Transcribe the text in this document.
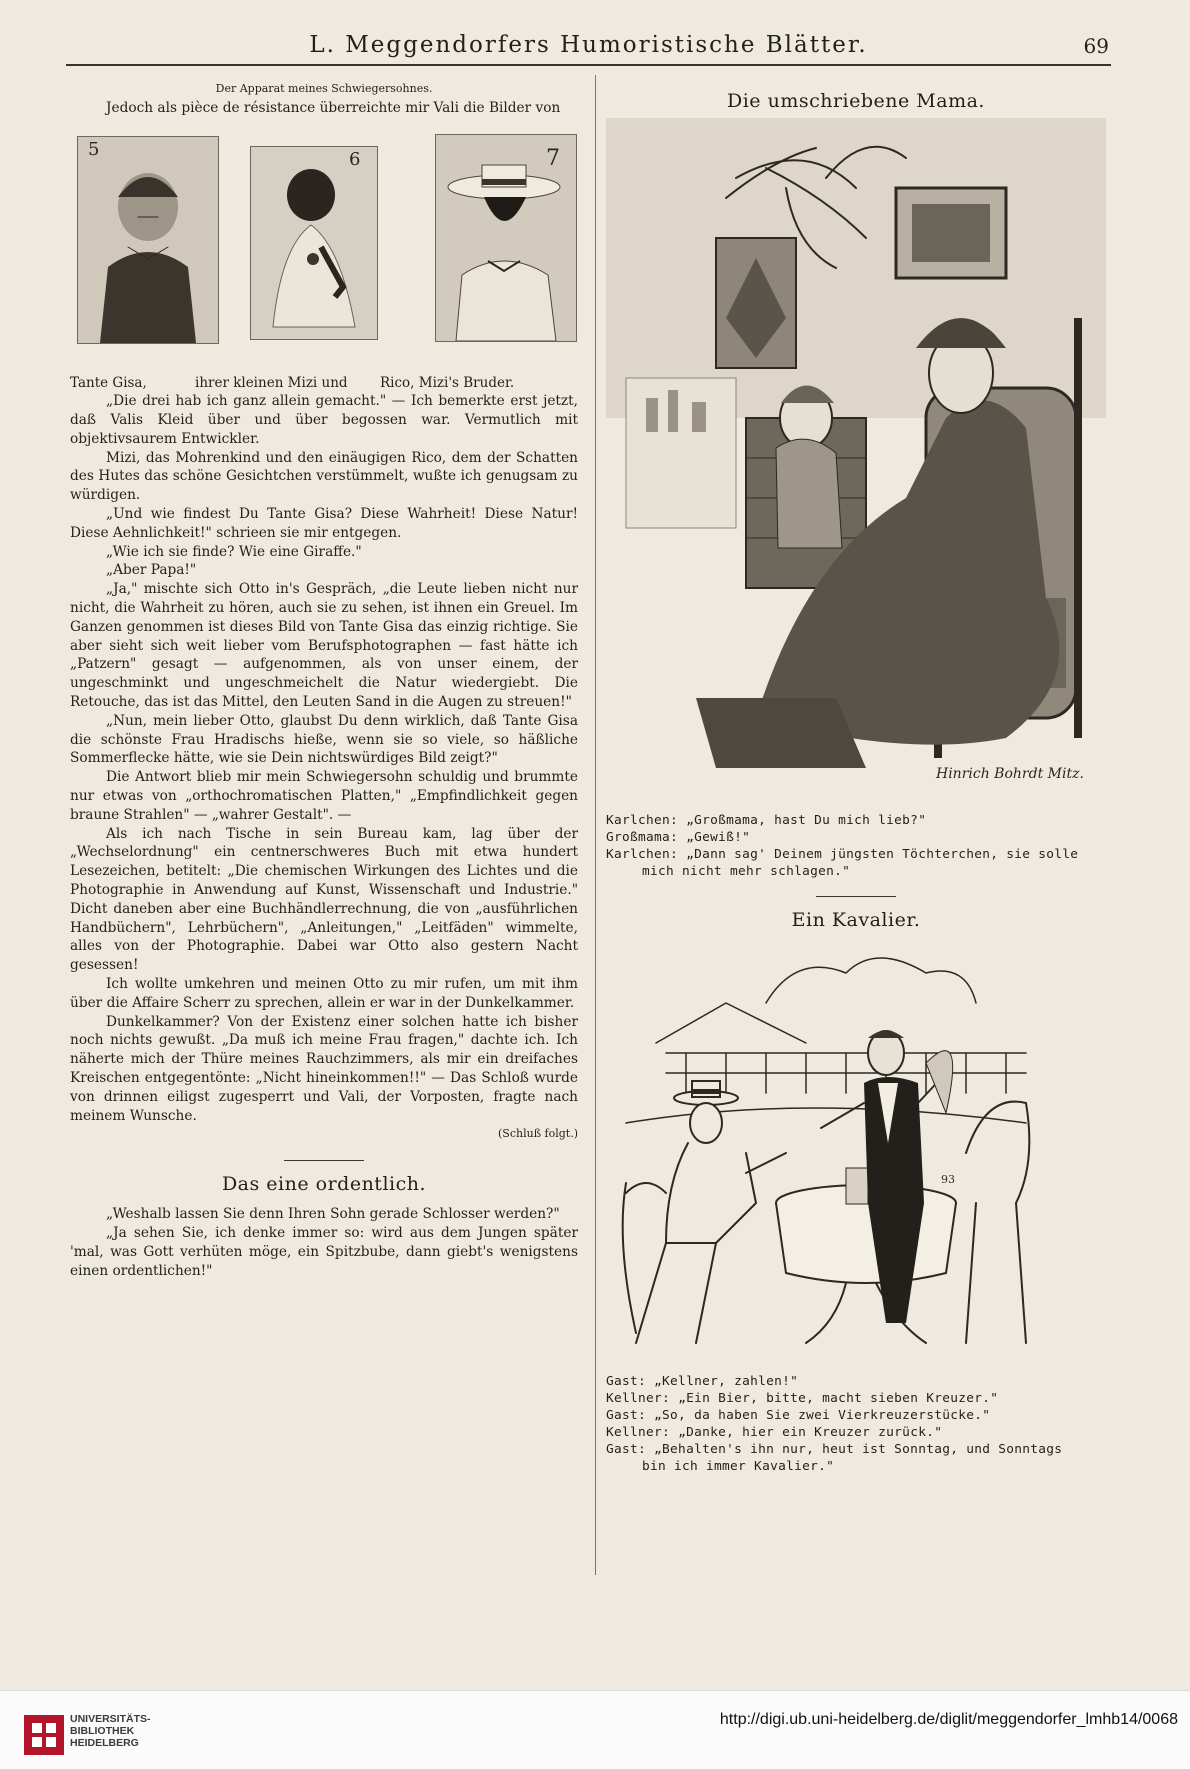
L. Meggendorfers Humoristische Blätter.	69
Der Apparat meines Schwiegersohnes.

Jedoch als pièce de résistance überreichte mir Vali die Bilder von

5	6	7

Tante Gisa,	ihrer kleinen Mizi und Rico, Mizi's Bruder.

„Die drei hab ich ganz allein gemacht." — Ich bemerkte erst jetzt, daß Valis Kleid über und über begossen war. Vermutlich mit objektivsaurem Entwickler.

Mizi, das Mohrenkind und den einäugigen Rico, dem der Schatten des Hutes das schöne Gesichtchen verstümmelt, wußte ich genugsam zu würdigen.

„Und wie findest Du Tante Gisa? Diese Wahrheit! Diese Natur! Diese Aehnlichkeit!" schrieen sie mir entgegen.

„Wie ich sie finde? Wie eine Giraffe."

„Aber Papa!"

„Ja," mischte sich Otto in's Gespräch, „die Leute lieben nicht nur nicht, die Wahrheit zu hören, auch sie zu sehen, ist ihnen ein Greuel. Im Ganzen genommen ist dieses Bild von Tante Gisa das einzig richtige. Sie aber sieht sich weit lieber vom Berufsphotographen — fast hätte ich „Patzern" gesagt — aufgenommen, als von unser einem, der ungeschminkt und ungeschmeichelt die Natur wiedergiebt. Die Retouche, das ist das Mittel, den Leuten Sand in die Augen zu streuen!"

„Nun, mein lieber Otto, glaubst Du denn wirklich, daß Tante Gisa die schönste Frau Hradischs hieße, wenn sie so viele, so häßliche Sommerflecke hätte, wie sie Dein nichtswürdiges Bild zeigt?"

Die Antwort blieb mir mein Schwiegersohn schuldig und brummte nur etwas von „orthochromatischen Platten," „Empfindlichkeit gegen braune Strahlen" — „wahrer Gestalt". —

Als ich nach Tische in sein Bureau kam, lag über der „Wechselordnung" ein centnerschweres Buch mit etwa hundert Lesezeichen, betitelt: „Die chemischen Wirkungen des Lichtes und die Photographie in Anwendung auf Kunst, Wissenschaft und Industrie." Dicht daneben aber eine Buchhändlerrechnung, die von „ausführlichen Handbüchern", Lehrbüchern", „Anleitungen," „Leitfäden" wimmelte, alles von der Photographie. Dabei war Otto also gestern Nacht gesessen!

Ich wollte umkehren und meinen Otto zu mir rufen, um mit ihm über die Affaire Scherr zu sprechen, allein er war in der Dunkelkammer.

Dunkelkammer? Von der Existenz einer solchen hatte ich bisher noch nichts gewußt. „Da muß ich meine Frau fragen," dachte ich. Ich näherte mich der Thüre meines Rauchzimmers, als mir ein dreifaches Kreischen entgegentönte: „Nicht hineinkommen!!" — Das Schloß wurde von drinnen eiligst zugesperrt und Vali, der Vorposten, fragte nach meinem Wunsche.

(Schluß folgt.)

Das eine ordentlich.

„Weshalb lassen Sie denn Ihren Sohn gerade Schlosser werden?"

„Ja sehen Sie, ich denke immer so: wird aus dem Jungen später 'mal, was Gott verhüten möge, ein Spitzbube, dann giebt's wenigstens einen ordentlichen!"

Die umschriebene Mama.
Hinrich Bohrdt Mitz.

Karlchen: „Großmama, hast Du mich lieb?"

Großmama: „Gewiß!"

Karlchen: „Dann sag' Deinem jüngsten Töchterchen, sie solle

mich nicht mehr schlagen."

Ein Kavalier.
93

Gast: „Kellner, zahlen!"

Kellner: „Ein Bier, bitte, macht sieben Kreuzer."

Gast: „So, da haben Sie zwei Vierkreuzerstücke."

Kellner: „Danke, hier ein Kreuzer zurück."

Gast: „Behalten's ihn nur, heut ist Sonntag, und Sonntags

bin ich immer Kavalier."

UNIVERSITÄTS-
BIBLIOTHEK
HEIDELBERG
http://digi.ub.uni-heidelberg.de/diglit/meggendorfer_lmhb14/0068
